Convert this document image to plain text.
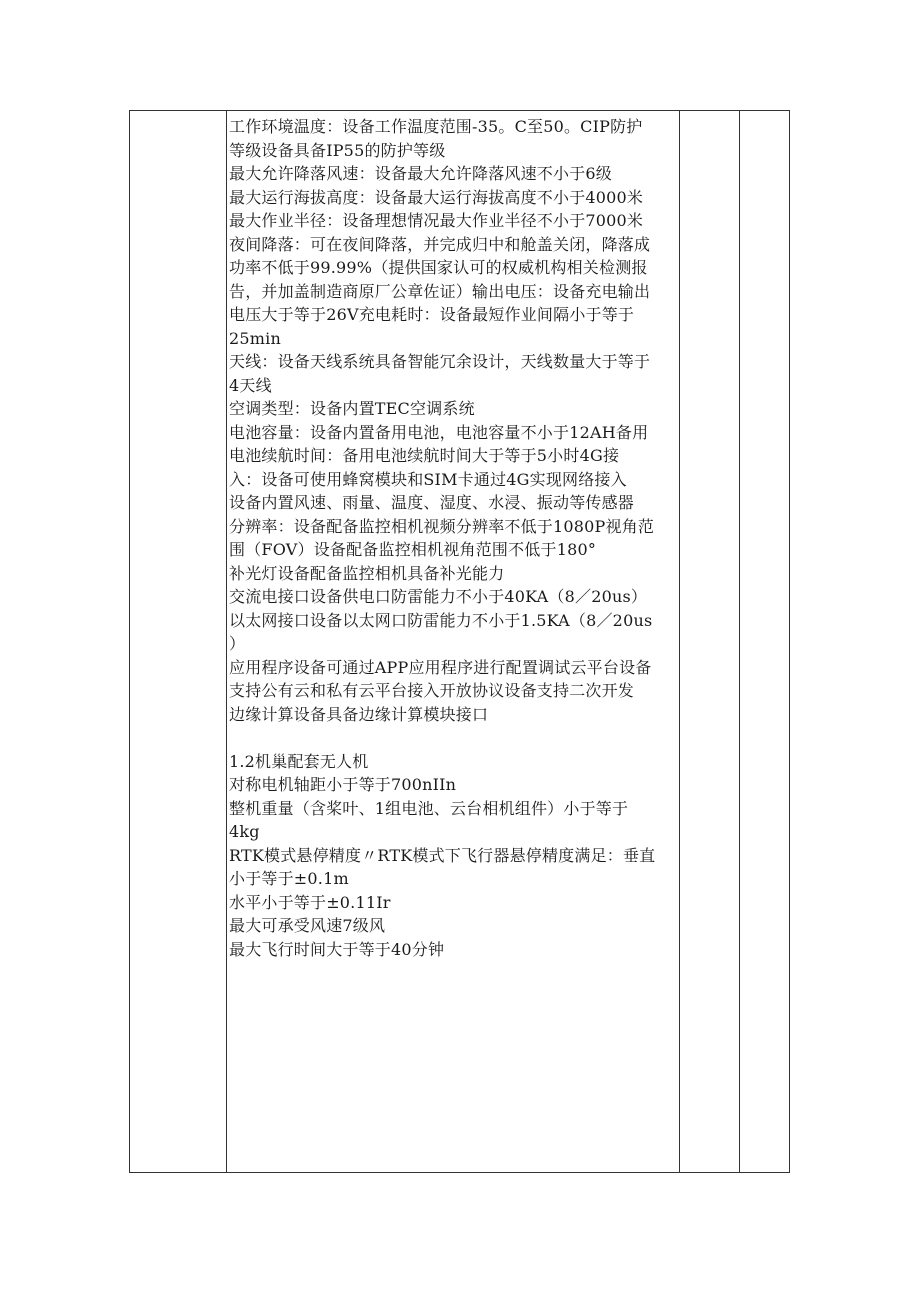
工作环境温度：设备工作温度范围-35。C至50。CIP防护
等级设备具备IP55的防护等级
最大允许降落风速：设备最大允许降落风速不小于6级
最大运行海拔高度：设备最大运行海拔高度不小于4000米
最大作业半径：设备理想情况最大作业半径不小于7000米
夜间降落：可在夜间降落，并完成归中和舱盖关闭，降落成
功率不低于99.99%（提供国家认可的权威机构相关检测报
告，并加盖制造商原厂公章佐证）输出电压：设备充电输出
电压大于等于26V充电耗时：设备最短作业间隔小于等于
25min
天线：设备天线系统具备智能冗余设计，天线数量大于等于
4天线
空调类型：设备内置TEC空调系统
电池容量：设备内置备用电池，电池容量不小于12AH备用
电池续航时间：备用电池续航时间大于等于5小时4G接
入：设备可使用蜂窝模块和SIM卡通过4G实现网络接入
设备内置风速、雨量、温度、湿度、水浸、振动等传感器
分辨率：设备配备监控相机视频分辨率不低于1080P视角范
围（FOV）设备配备监控相机视角范围不低于180°
补光灯设备配备监控相机具备补光能力
交流电接口设备供电口防雷能力不小于40KA（8／20us）
以太网接口设备以太网口防雷能力不小于1.5KA（8／20us
）
应用程序设备可通过APP应用程序进行配置调试云平台设备
支持公有云和私有云平台接入开放协议设备支持二次开发
边缘计算设备具备边缘计算模块接口
1.2机巢配套无人机
对称电机轴距小于等于700nIIn
整机重量（含桨叶、1组电池、云台相机组件）小于等于
4kg
RTK模式悬停精度〃RTK模式下飞行器悬停精度满足：垂直
小于等于±0.1m
水平小于等于±0.11Ir
最大可承受风速7级风
最大飞行时间大于等于40分钟
